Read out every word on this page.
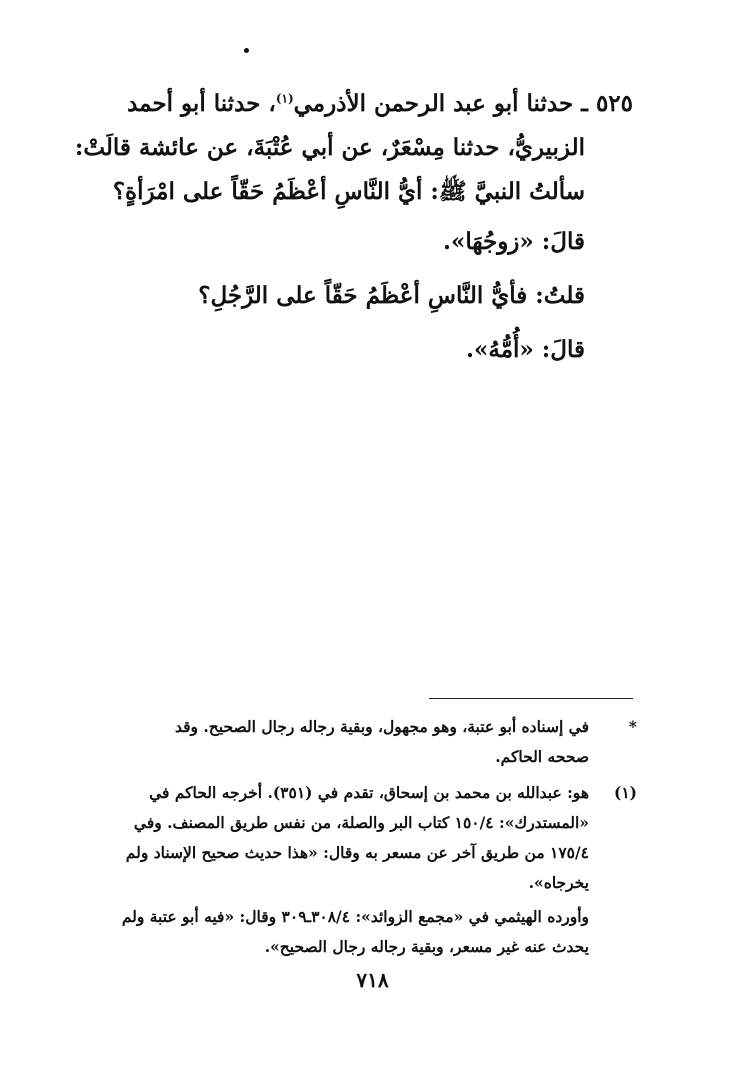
٥٢٥ ـ حدثنا أبو عبد الرحمن الأذرمي$^{(١)}$، حدثنا أبو أحمد
الزبيريُّ، حدثنا مِسْعَرٌ، عن أبي عُتْبَةَ، عن عائشة قالَتْ:
سألتُ النبيَّ ﷺ: أيُّ النَّاسِ أعْظَمُ حَقّاً على امْرَأةٍ؟
قالَ: «زوجُهَا».
قلتُ: فأيُّ النَّاسِ أعْظَمُ حَقّاً على الرَّجُلِ؟
قالَ: «أُمُّهُ».
*
في إسناده أبو عتبة، وهو مجهول، وبقية رجاله رجال الصحيح. وقد
صححه الحاكم.
(١)
هو: عبدالله بن محمد بن إسحاق، تقدم في (٣٥١). أخرجه الحاكم في
«المستدرك»: ١٥٠/٤ كتاب البر والصلة، من نفس طريق المصنف. وفي
١٧٥/٤ من طريق آخر عن مسعر به وقال: «هذا حديث صحيح الإسناد ولم
يخرجاه».
وأورده الهيثمي في «مجمع الزوائد»: ٣٠٨/٤ـ٣٠٩ وقال: «فيه أبو عتبة ولم
يحدث عنه غير مسعر، وبقية رجاله رجال الصحيح».
٧١٨
